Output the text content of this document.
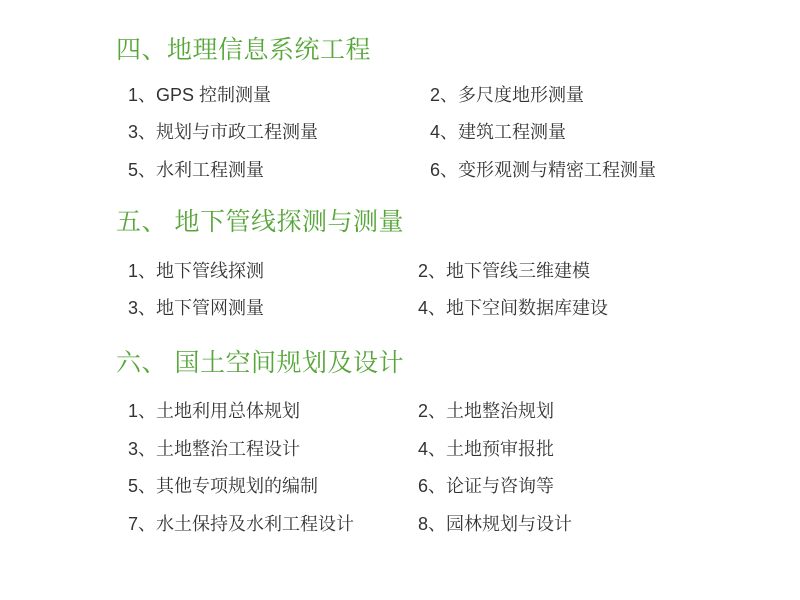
四、地理信息系统工程
1、GPS 控制测量	2、多尺度地形测量
3、规划与市政工程测量	4、建筑工程测量
5、水利工程测量	6、变形观测与精密工程测量
五、 地下管线探测与测量
1、地下管线探测	2、地下管线三维建模
3、地下管网测量	4、地下空间数据库建设
六、 国土空间规划及设计
1、土地利用总体规划	2、土地整治规划
3、土地整治工程设计	4、土地预审报批
5、其他专项规划的编制	6、论证与咨询等
7、水土保持及水利工程设计	8、园林规划与设计
